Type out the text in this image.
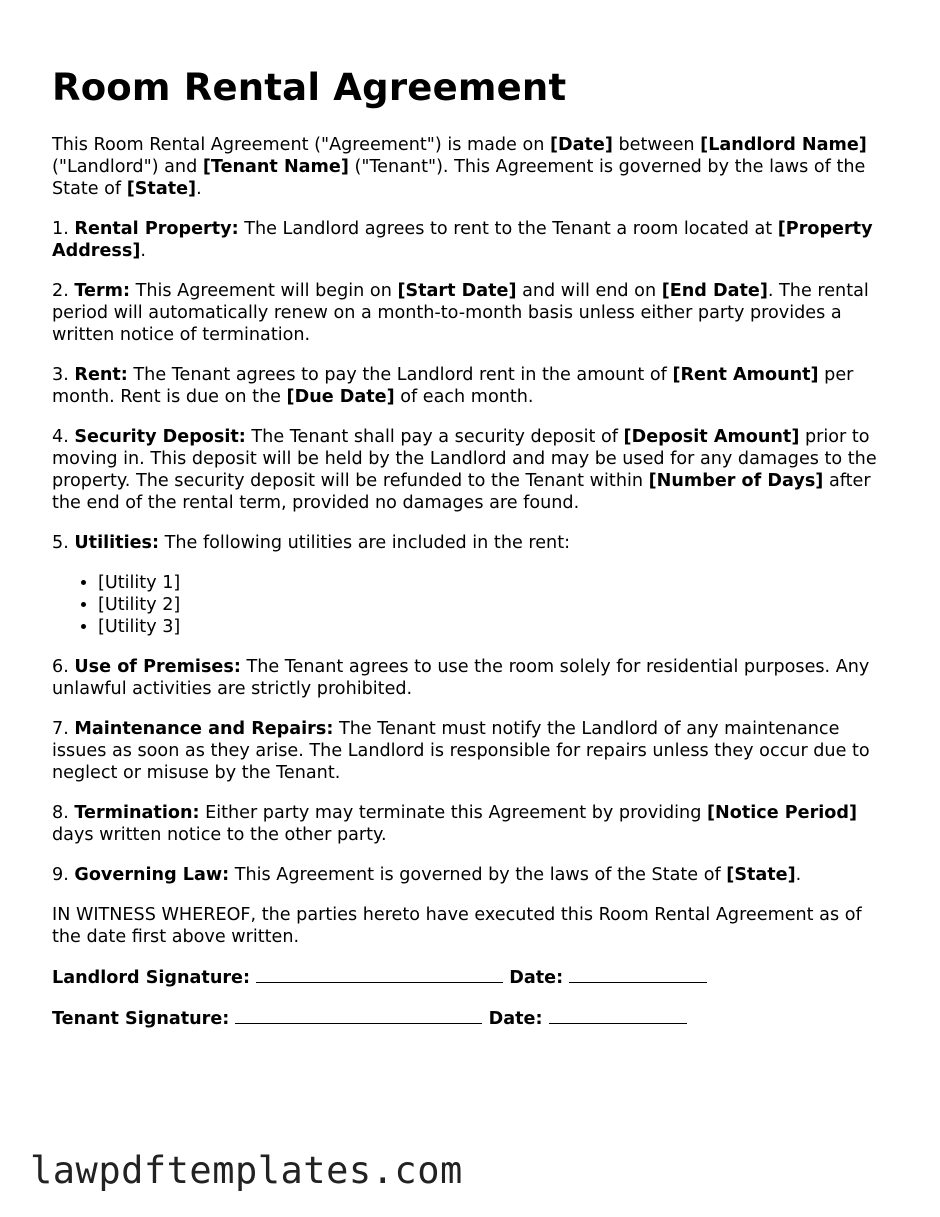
Room Rental Agreement

This Room Rental Agreement ("Agreement") is made on [Date] between [Landlord Name] ("Landlord") and [Tenant Name] ("Tenant"). This Agreement is governed by the laws of the State of [State].

1. Rental Property: The Landlord agrees to rent to the Tenant a room located at [Property Address].

2. Term: This Agreement will begin on [Start Date] and will end on [End Date]. The rental period will automatically renew on a month-to-month basis unless either party provides a written notice of termination.

3. Rent: The Tenant agrees to pay the Landlord rent in the amount of [Rent Amount] per month. Rent is due on the [Due Date] of each month.

4. Security Deposit: The Tenant shall pay a security deposit of [Deposit Amount] prior to moving in. This deposit will be held by the Landlord and may be used for any damages to the property. The security deposit will be refunded to the Tenant within [Number of Days] after the end of the rental term, provided no damages are found.

5. Utilities: The following utilities are included in the rent:

• [Utility 1]
• [Utility 2]
• [Utility 3]

6. Use of Premises: The Tenant agrees to use the room solely for residential purposes. Any unlawful activities are strictly prohibited.

7. Maintenance and Repairs: The Tenant must notify the Landlord of any maintenance issues as soon as they arise. The Landlord is responsible for repairs unless they occur due to neglect or misuse by the Tenant.

8. Termination: Either party may terminate this Agreement by providing [Notice Period] days written notice to the other party.

9. Governing Law: This Agreement is governed by the laws of the State of [State].

IN WITNESS WHEREOF, the parties hereto have executed this Room Rental Agreement as of the date first above written.

Landlord Signature:	Date:
Tenant Signature:	Date:
lawpdftemplates.com
